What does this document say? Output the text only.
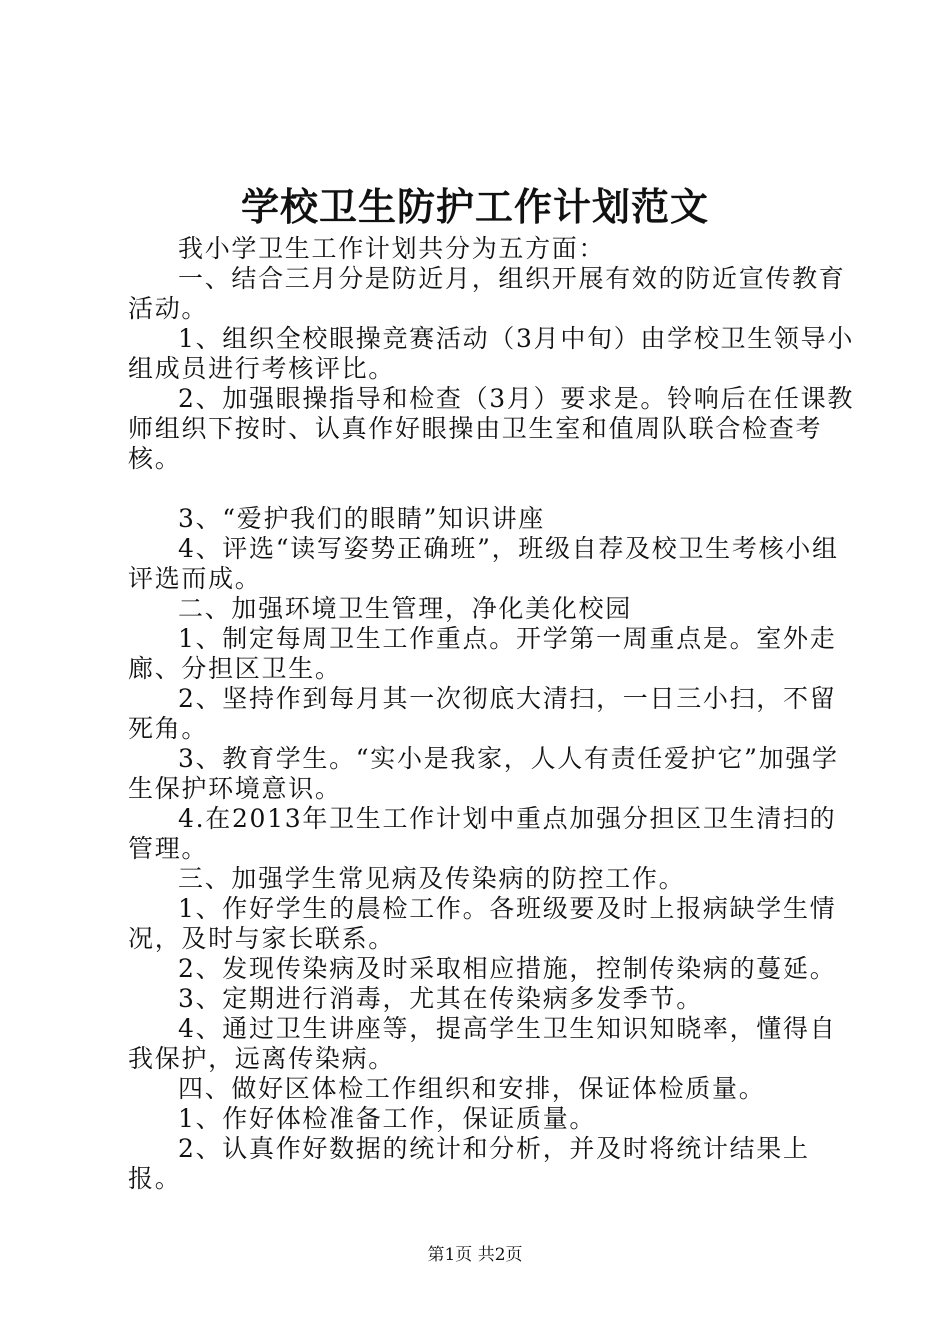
学校卫生防护工作计划范文

我小学卫生工作计划共分为五方面：

一、结合三月分是防近月，组织开展有效的防近宣传教育活动。

1、组织全校眼操竞赛活动（3月中旬）由学校卫生领导小组成员进行考核评比。

2、加强眼操指导和检查（3月）要求是。铃响后在任课教师组织下按时、认真作好眼操由卫生室和值周队联合检查考核。

3、“爱护我们的眼睛”知识讲座

4、评选“读写姿势正确班”，班级自荐及校卫生考核小组评选而成。

二、加强环境卫生管理，净化美化校园

1、制定每周卫生工作重点。开学第一周重点是。室外走廊、分担区卫生。

2、坚持作到每月其一次彻底大清扫，一日三小扫，不留死角。

3、教育学生。“实小是我家，人人有责任爱护它”加强学生保护环境意识。

4.在2013年卫生工作计划中重点加强分担区卫生清扫的管理。

三、加强学生常见病及传染病的防控工作。

1、作好学生的晨检工作。各班级要及时上报病缺学生情况，及时与家长联系。

2、发现传染病及时采取相应措施，控制传染病的蔓延。

3、定期进行消毒，尤其在传染病多发季节。

4、通过卫生讲座等，提高学生卫生知识知晓率，懂得自我保护，远离传染病。

四、做好区体检工作组织和安排，保证体检质量。

1、作好体检准备工作，保证质量。

2、认真作好数据的统计和分析，并及时将统计结果上报。

第1页 共2页
